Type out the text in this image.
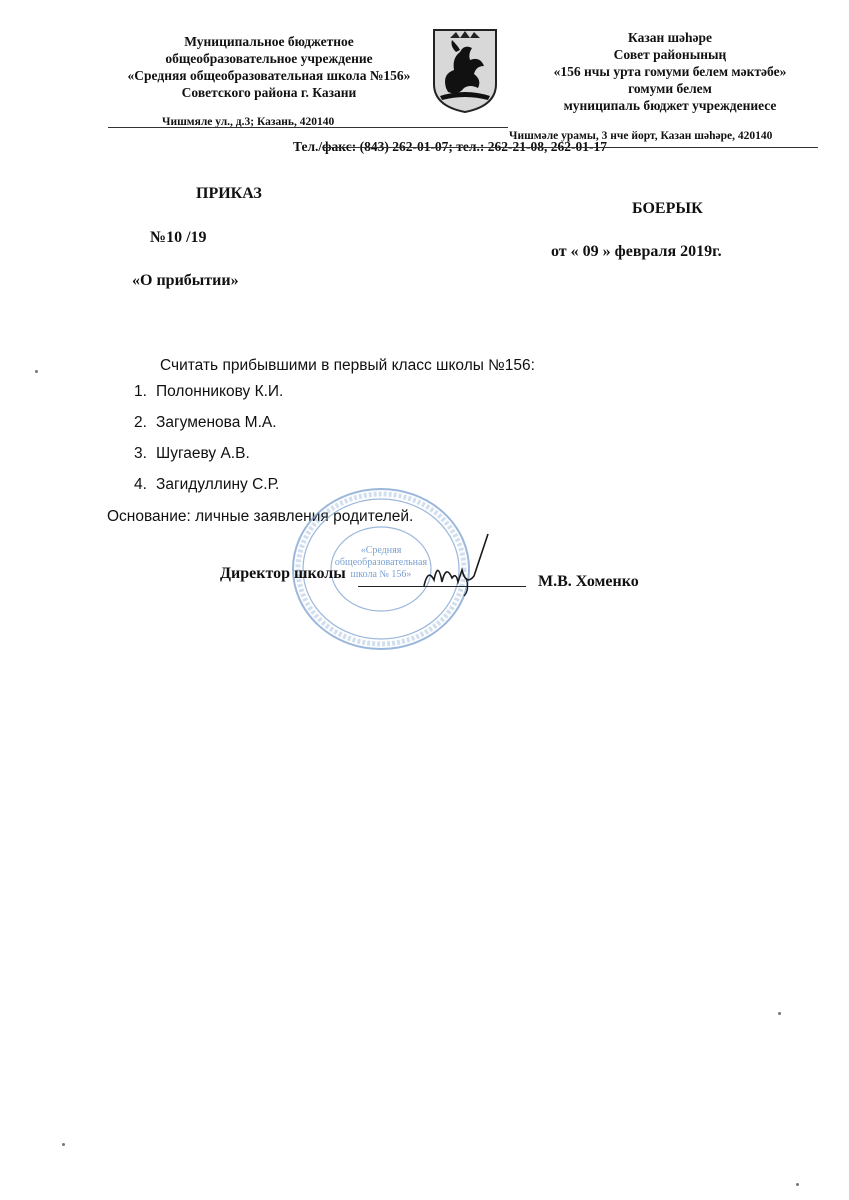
Муниципальное бюджетное
общеобразовательное учреждение
«Средняя общеобразовательная школа №156»
Советского района г. Казани
Казан шәһәре
Совет районының
«156 нчы урта гомуми белем мәктәбе»
гомуми белем
муниципаль бюджет учреждениесе
Чишмяле ул., д.3; Казань, 420140
Чишмәле урамы, 3 нче йорт, Казан шәһәре, 420140
Тел./факс: (843) 262-01-07; тел.: 262-21-08, 262-01-17
ПРИКАЗ
БОЕРЫК
№10 /19
от « 09 » февраля 2019г.
«О прибытии»
Считать прибывшими в первый класс школы №156:
1. Полонникову К.И.
2. Загуменова М.А.
3. Шугаеву А.В.
4. Загидуллину С.Р.
Основание: личные заявления родителей.
«Средняя
общеобразовательная
школа № 156»
Директор школы	М.В. Хоменко
